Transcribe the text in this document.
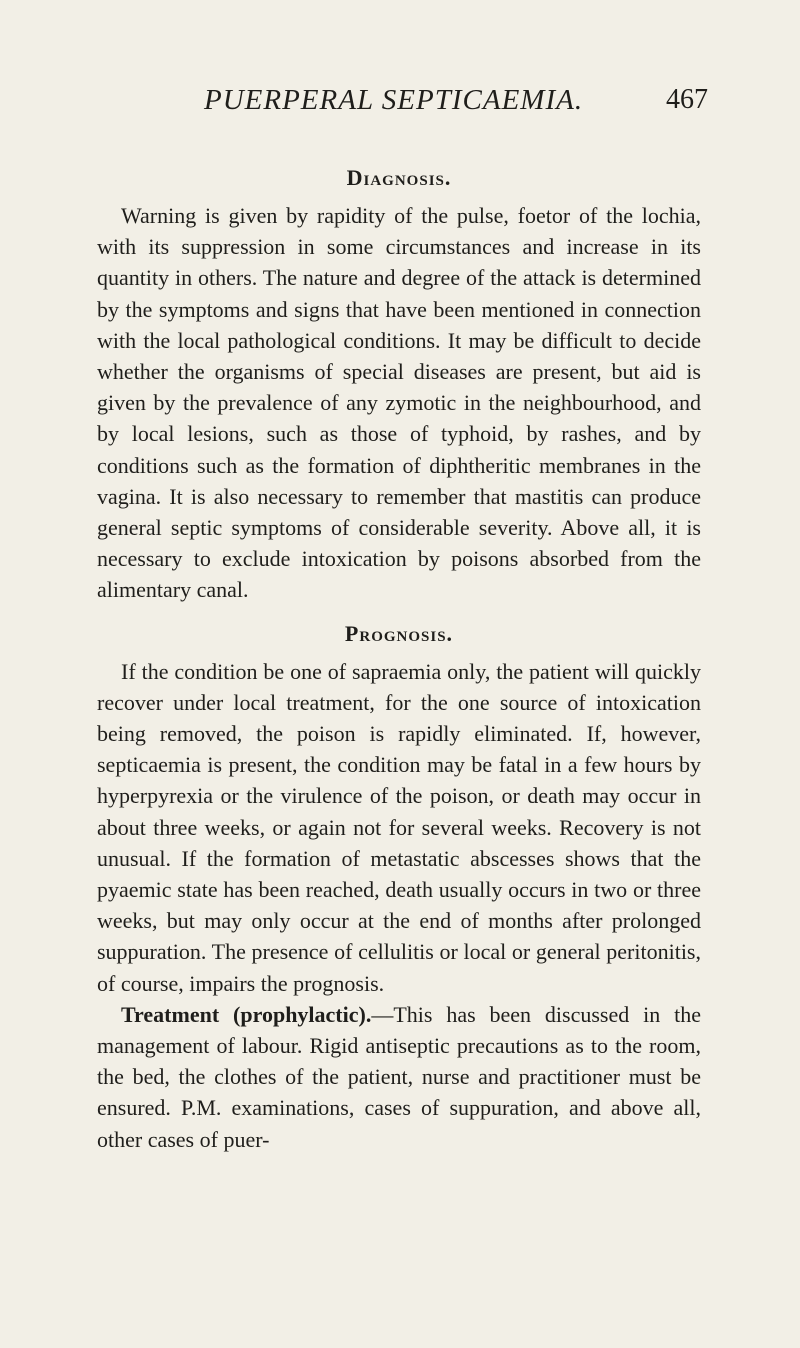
PUERPERAL SEPTICAEMIA.	467
Diagnosis.

Warning is given by rapidity of the pulse, foetor of the lochia, with its suppression in some circumstances and increase in its quantity in others. The nature and degree of the attack is determined by the symptoms and signs that have been mentioned in connection with the local pathological conditions. It may be difficult to decide whether the organisms of special diseases are present, but aid is given by the prevalence of any zymotic in the neighbourhood, and by local lesions, such as those of typhoid, by rashes, and by conditions such as the formation of diphtheritic membranes in the vagina. It is also necessary to remember that mastitis can produce general septic symptoms of considerable severity. Above all, it is necessary to exclude intoxication by poisons absorbed from the alimentary canal.

Prognosis.

If the condition be one of sapraemia only, the patient will quickly recover under local treatment, for the one source of intoxication being removed, the poison is rapidly eliminated. If, however, septicaemia is present, the condition may be fatal in a few hours by hyperpyrexia or the virulence of the poison, or death may occur in about three weeks, or again not for several weeks. Recovery is not unusual. If the formation of metastatic abscesses shows that the pyaemic state has been reached, death usually occurs in two or three weeks, but may only occur at the end of months after prolonged suppuration. The presence of cellulitis or local or general peritonitis, of course, impairs the prognosis.

Treatment (prophylactic).—This has been discussed in the management of labour. Rigid antiseptic precautions as to the room, the bed, the clothes of the patient, nurse and practitioner must be ensured. P.M. examinations, cases of suppuration, and above all, other cases of puer-
